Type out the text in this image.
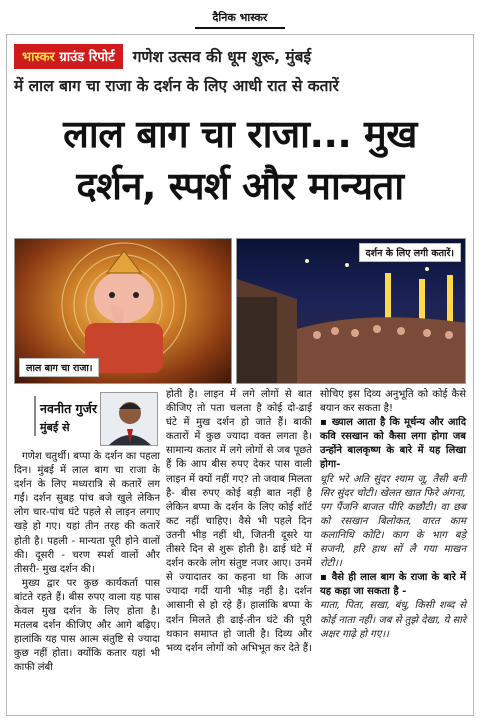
दैनिक भास्कर
भास्कर ग्राउंड रिपोर्ट	गणेश उत्सव की धूम शुरू, मुंबई
में लाल बाग चा राजा के दर्शन के लिए आधी रात से कतारें
लाल बाग चा राजा... मुख
दर्शन, स्पर्श और मान्यता
लाल बाग चा राजा।
दर्शन के लिए लगी कतारें।
नवनीत गुर्जर
मुंबई से

गणेश चतुर्थी। बप्पा के दर्शन का पहला दिन। मुंबई में लाल बाग चा राजा के दर्शन के लिए मध्यरात्रि से कतारें लग गईं। दर्शन सुबह पांच बजे खुले लेकिन लोग चार-पांच घंटे पहले से लाइन लगाए खड़े हो गए। यहां तीन तरह की कतारें होती है। पहली - मान्यता पूरी होने वालों की। दूसरी - चरण स्पर्श वालों और तीसरी- मुख दर्शन की।

मुख्य द्वार पर कुछ कार्यकर्ता पास बांटते रहते हैं। बीस रुपए वाला यह पास केवल मुख दर्शन के लिए होता है। मतलब दर्शन कीजिए और आगे बढ़िए। हालांकि यह पास आत्म संतुष्टि से ज्यादा कुछ नहीं होता। क्योंकि कतार यहां भी काफी लंबी

होती है। लाइन में लगे लोगों से बात कीजिए तो पता चलता है कोई दो-ढाई घंटे में मुख दर्शन हो जाते हैं। बाकी कतारों में कुछ ज्यादा वक्त लगता है। सामान्य कतार में लगे लोगों से जब पूछते हैं कि आप बीस रुपए देकर पास वाली लाइन में क्यों नहीं गए? तो जवाब मिलता है- बीस रुपए कोई बड़ी बात नहीं है लेकिन बप्पा के दर्शन के लिए कोई शॉर्ट कट नहीं चाहिए। वैसे भी पहले दिन उतनी भीड़ नहीं थी, जितनी दूसरे या तीसरे दिन से शुरू होती है। ढाई घंटे में दर्शन करके लोग संतुष्ट नजर आए। उनमें से ज्यादातर का कहना था कि आज ज्यादा गर्दी यानी भीड़ नहीं है। दर्शन आसानी से हो रहे हैं। हालांकि बप्पा के दर्शन मिलते ही ढाई-तीन घंटे की पूरी थकान समाप्त हो जाती है। दिव्य और भव्य दर्शन लोगों को अभिभूत कर देते हैं।

सोचिए इस दिव्य अनुभूति को कोई कैसे बयान कर सकता है!

▪ ख्याल आता है कि मूर्धन्य और आदि कवि रसखान को कैसा लगा होगा जब उन्होंने बालकृष्ण के बारे में यह लिखा होगा-

धूरि भरे अति सुंदर श्याम जू, तैसी बनी सिर सुंदर चोटी। खेलत खात फिरे अंगना, पग पैंजनि बाजत पीरि कछौटी। वा छब को रसखान बिलोकत, वारत काम कलानिधि कोटि। काग के भाग बड़े सजनी, हरि हाथ सों लै गया माखन रोटी।।

▪ वैसे ही लाल बाग के राजा के बारे में यह कहा जा सकता है -

माता, पिता, सखा, बंधु, किसी शब्द से कोई नाता नहीं। जब से तुझे देखा, ये सारे अक्षर गाढ़े हो गए।।
